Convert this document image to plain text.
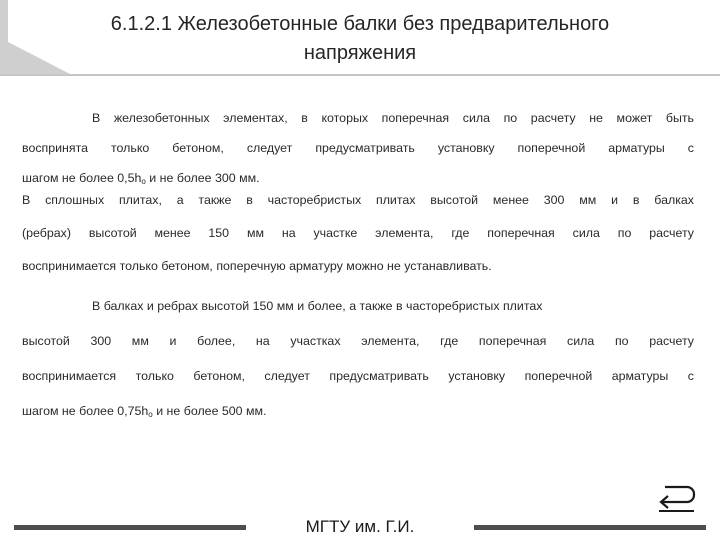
6.1.2.1 Железобетонные балки без предварительного
напряжения
В железобетонных элементах, в которых поперечная сила по расчету не может быть
воспринята только бетоном, следует предусматривать установку поперечной арматуры с
шагом не более $0,5h_o$ и не более 300 мм.
В сплошных плитах, а также в часторебристых плитах высотой менее 300 мм и в балках
(ребрах) высотой менее 150 мм на участке элемента, где поперечная сила по расчету
воспринимается только бетоном, поперечную арматуру можно не устанавливать.
В балках и ребрах высотой 150 мм и более, а также в часторебристых плитах
высотой 300 мм и более, на участках элемента, где поперечная сила по расчету
воспринимается только бетоном, следует предусматривать установку поперечной арматуры с
шагом не более $0,75h_o$ и не более 500 мм.
МГТУ им. Г.И.
